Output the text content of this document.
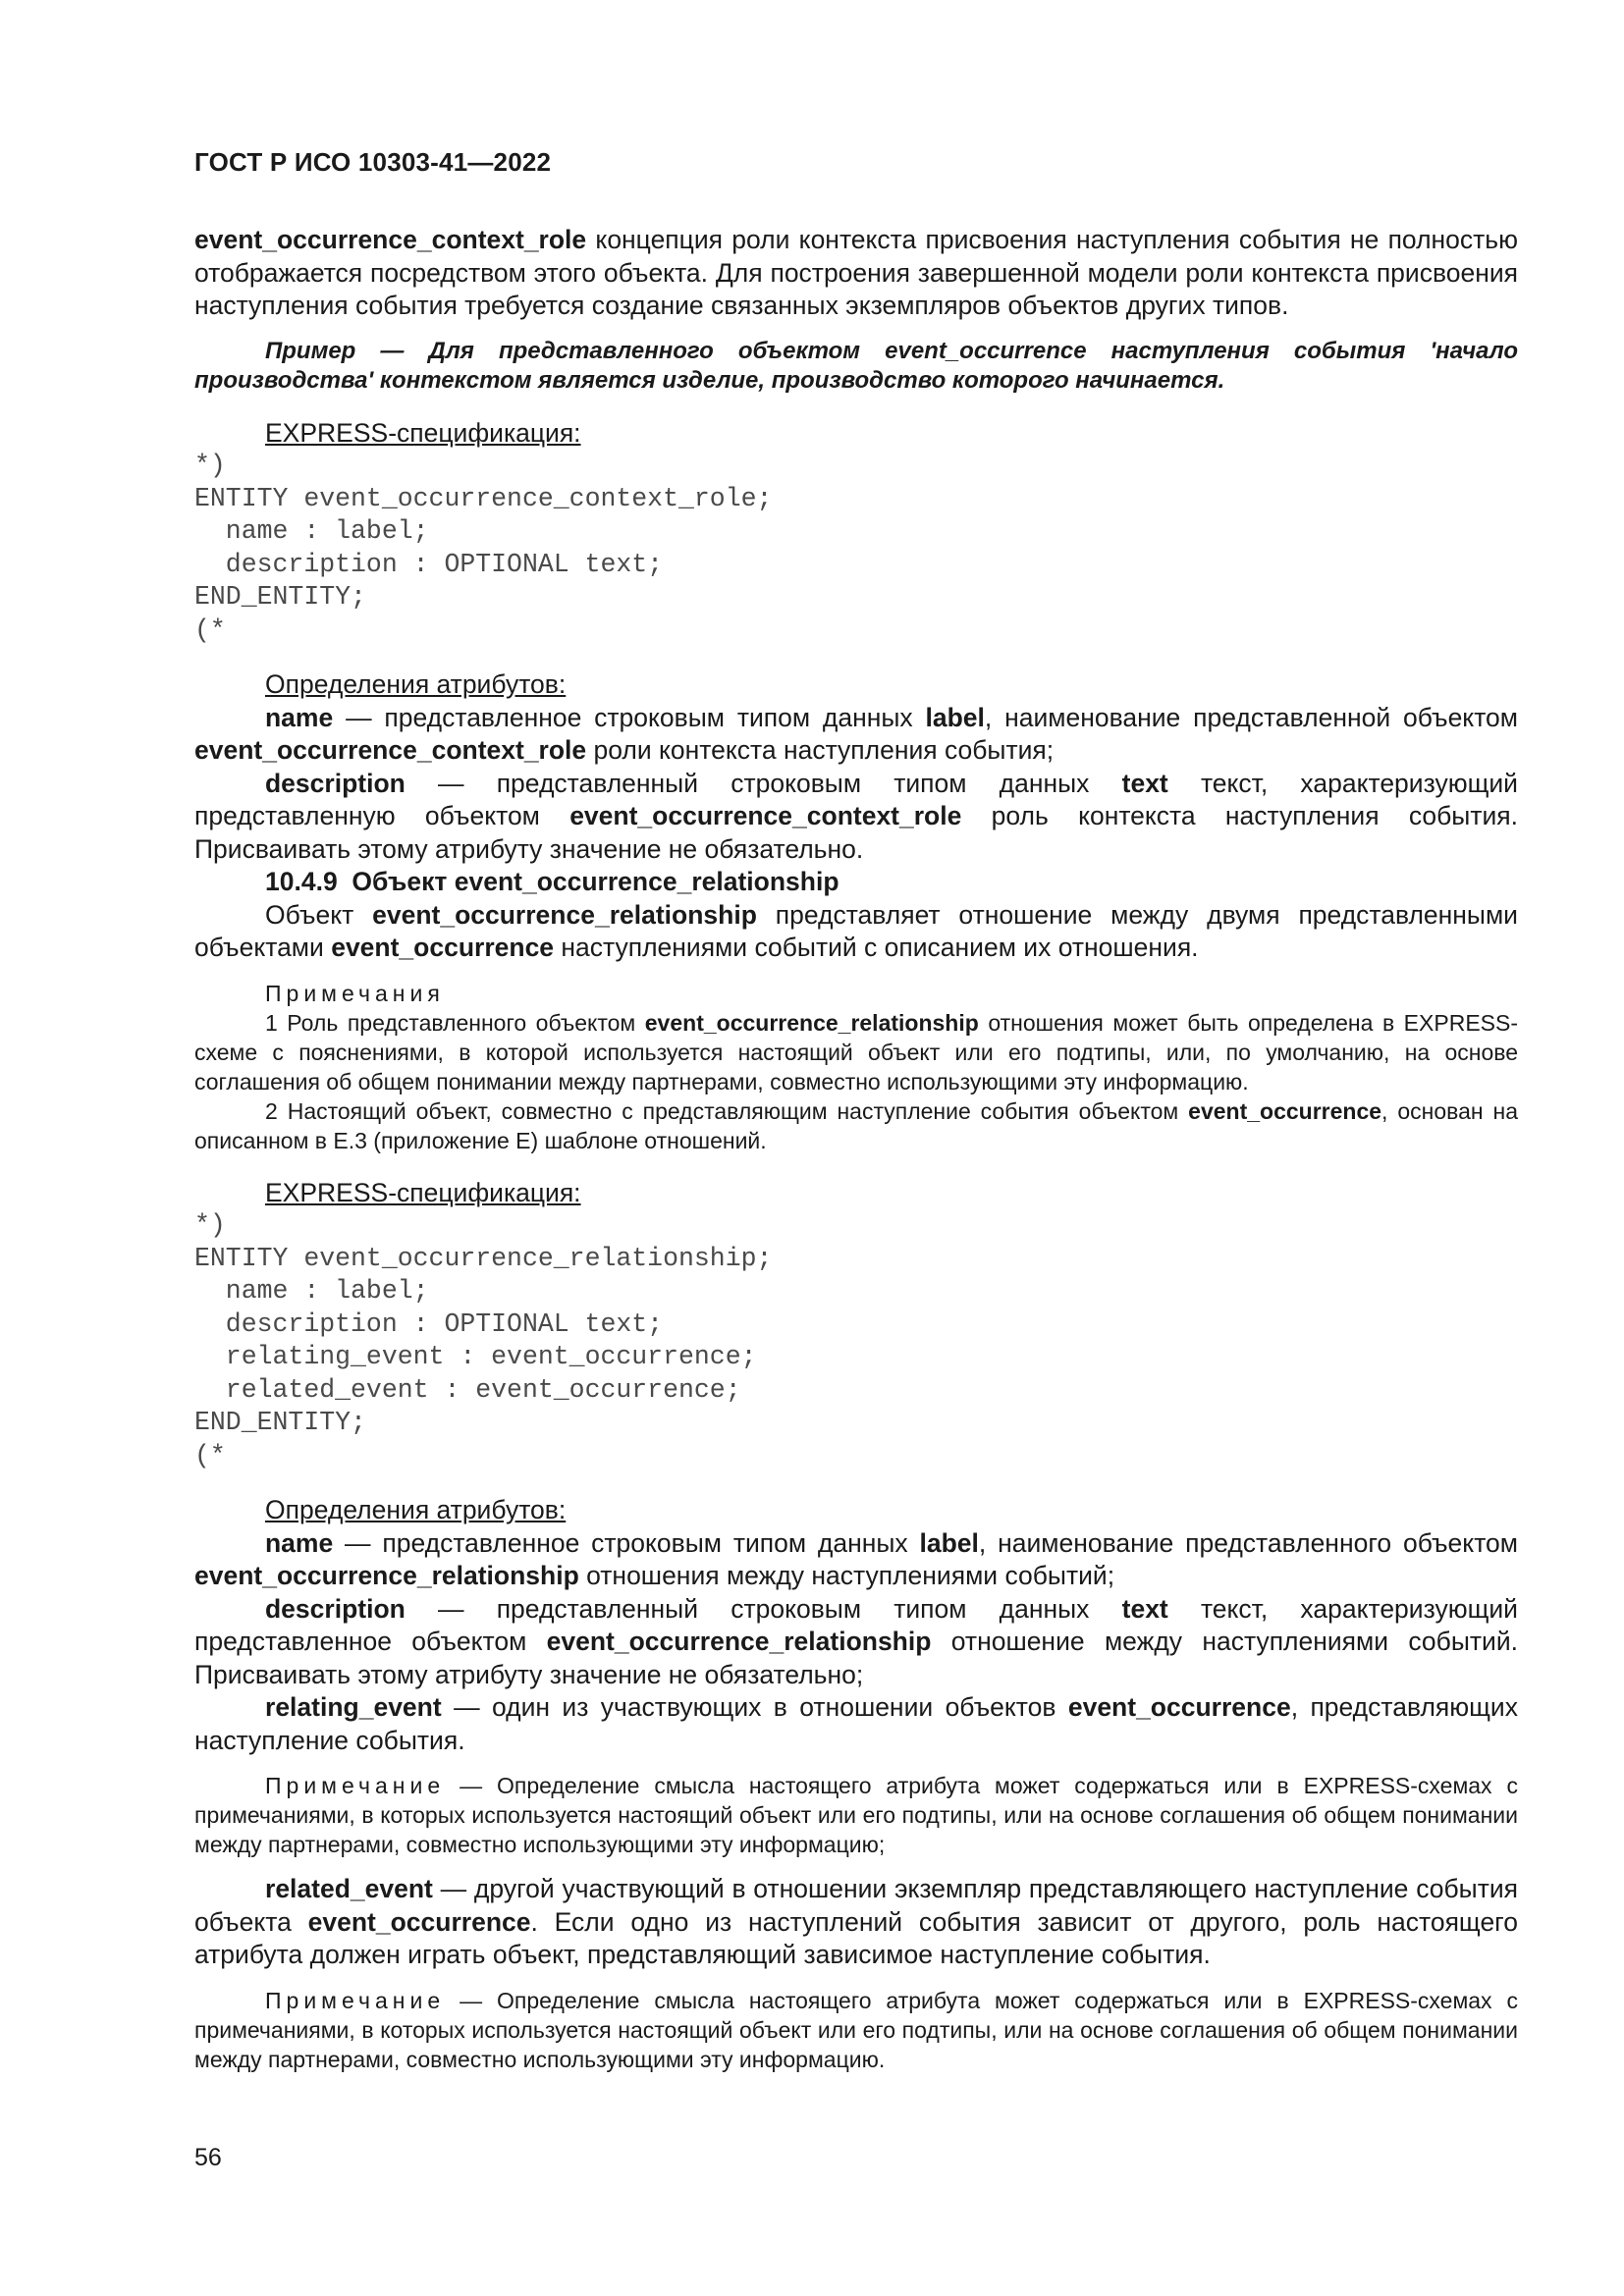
ГОСТ Р ИСО 10303-41—2022

event_occurrence_context_role концепция роли контекста присвоения наступления события не полностью отображается посредством этого объекта. Для построения завершенной модели роли контекста присвоения наступления события требуется создание связанных экземпляров объектов других типов.

Пример — Для представленного объектом event_occurrence наступления события 'начало производства' контекстом является изделие, производство которого начинается.

EXPRESS-спецификация:

*)
ENTITY event_occurrence_context_role;
name : label;
description : OPTIONAL text;
END_ENTITY;
(*

Определения атрибутов:

name — представленное строковым типом данных label, наименование представленной объектом event_occurrence_context_role роли контекста наступления события;

description — представленный строковым типом данных text текст, характеризующий представленную объектом event_occurrence_context_role роль контекста наступления события. Присваивать этому атрибуту значение не обязательно.

10.4.9 Объект event_occurrence_relationship

Объект event_occurrence_relationship представляет отношение между двумя представленными объектами event_occurrence наступлениями событий с описанием их отношения.

Примечания

1 Роль представленного объектом event_occurrence_relationship отношения может быть определена в EXPRESS-схеме с пояснениями, в которой используется настоящий объект или его подтипы, или, по умолчанию, на основе соглашения об общем понимании между партнерами, совместно использующими эту информацию.

2 Настоящий объект, совместно с представляющим наступление события объектом event_occurrence, основан на описанном в Е.3 (приложение Е) шаблоне отношений.

EXPRESS-спецификация:

*)
ENTITY event_occurrence_relationship;
name : label;
description : OPTIONAL text;
relating_event : event_occurrence;
related_event : event_occurrence;
END_ENTITY;
(*

Определения атрибутов:

name — представленное строковым типом данных label, наименование представленного объектом event_occurrence_relationship отношения между наступлениями событий;

description — представленный строковым типом данных text текст, характеризующий представленное объектом event_occurrence_relationship отношение между наступлениями событий. Присваивать этому атрибуту значение не обязательно;

relating_event — один из участвующих в отношении объектов event_occurrence, представляющих наступление события.

Примечание — Определение смысла настоящего атрибута может содержаться или в EXPRESS-схемах с примечаниями, в которых используется настоящий объект или его подтипы, или на основе соглашения об общем понимании между партнерами, совместно использующими эту информацию;

related_event — другой участвующий в отношении экземпляр представляющего наступление события объекта event_occurrence. Если одно из наступлений события зависит от другого, роль настоящего атрибута должен играть объект, представляющий зависимое наступление события.

Примечание — Определение смысла настоящего атрибута может содержаться или в EXPRESS-схемах с примечаниями, в которых используется настоящий объект или его подтипы, или на основе соглашения об общем понимании между партнерами, совместно использующими эту информацию.

56
